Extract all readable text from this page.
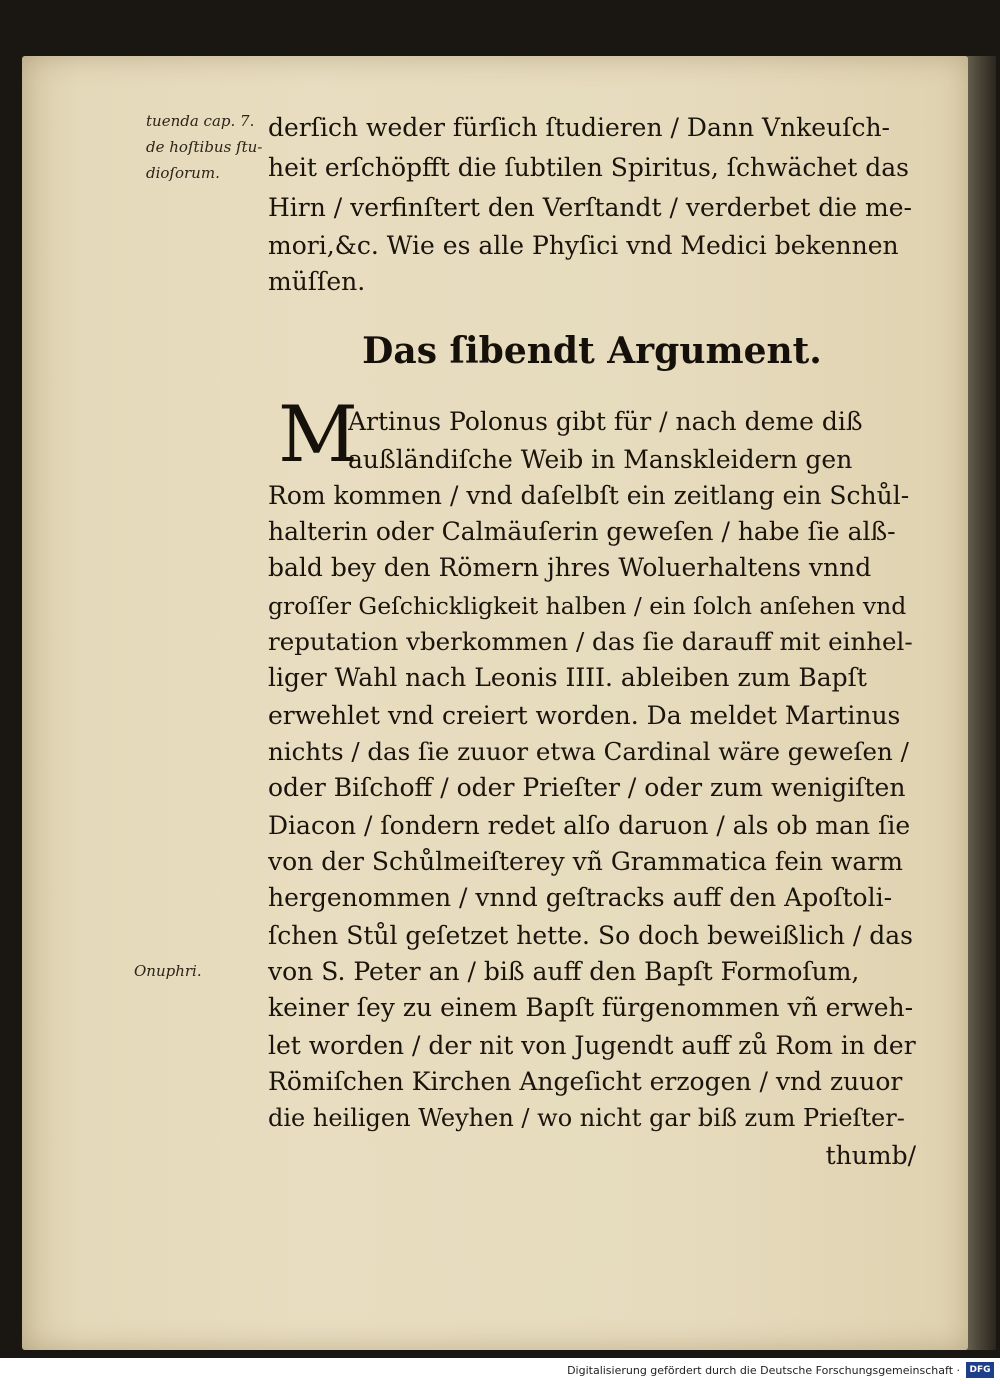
tuenda cap. 7.
de hoſtibus ſtu-
dioſorum.
Onuphri.
derſich weder fürſich ſtudieren / Dann Vnkeuſch-
heit erſchöpfft die ſubtilen Spiritus, ſchwächet das
Hirn / verfinſtert den Verſtandt / verderbet die me-
mori,&c. Wie es alle Phyſici vnd Medici bekennen
müſſen.
Das ſibendt Argument.
M
Artinus Polonus gibt für / nach deme diß
außländiſche Weib in Manskleidern gen
Rom kommen / vnd daſelbſt ein zeitlang ein Schůl-
halterin oder Calmäuſerin geweſen / habe ſie alß-
bald bey den Römern jhres Woluerhaltens vnnd
groſſer Geſchickligkeit halben / ein ſolch anſehen vnd
reputation vberkommen / das ſie darauff mit einhel-
liger Wahl nach Leonis IIII. ableiben zum Bapſt
erwehlet vnd creiert worden. Da meldet Martinus
nichts / das ſie zuuor etwa Cardinal wäre geweſen /
oder Biſchoff / oder Prieſter / oder zum wenigiſten
Diacon / ſondern redet alſo daruon / als ob man ſie
von der Schůlmeiſterey vñ Grammatica fein warm
hergenommen / vnnd geſtracks auff den Apoſtoli-
ſchen Stůl geſetzet hette. So doch beweißlich / das
von S. Peter an / biß auff den Bapſt Formoſum,
keiner ſey zu einem Bapſt fürgenommen vñ erweh-
let worden / der nit von Jugendt auff zů Rom in der
Römiſchen Kirchen Angeſicht erzogen / vnd zuuor
die heiligen Weyhen / wo nicht gar biß zum Prieſter-
thumb/
Digitalisierung gefördert durch die Deutsche Forschungsgemeinschaft ·	DFG
